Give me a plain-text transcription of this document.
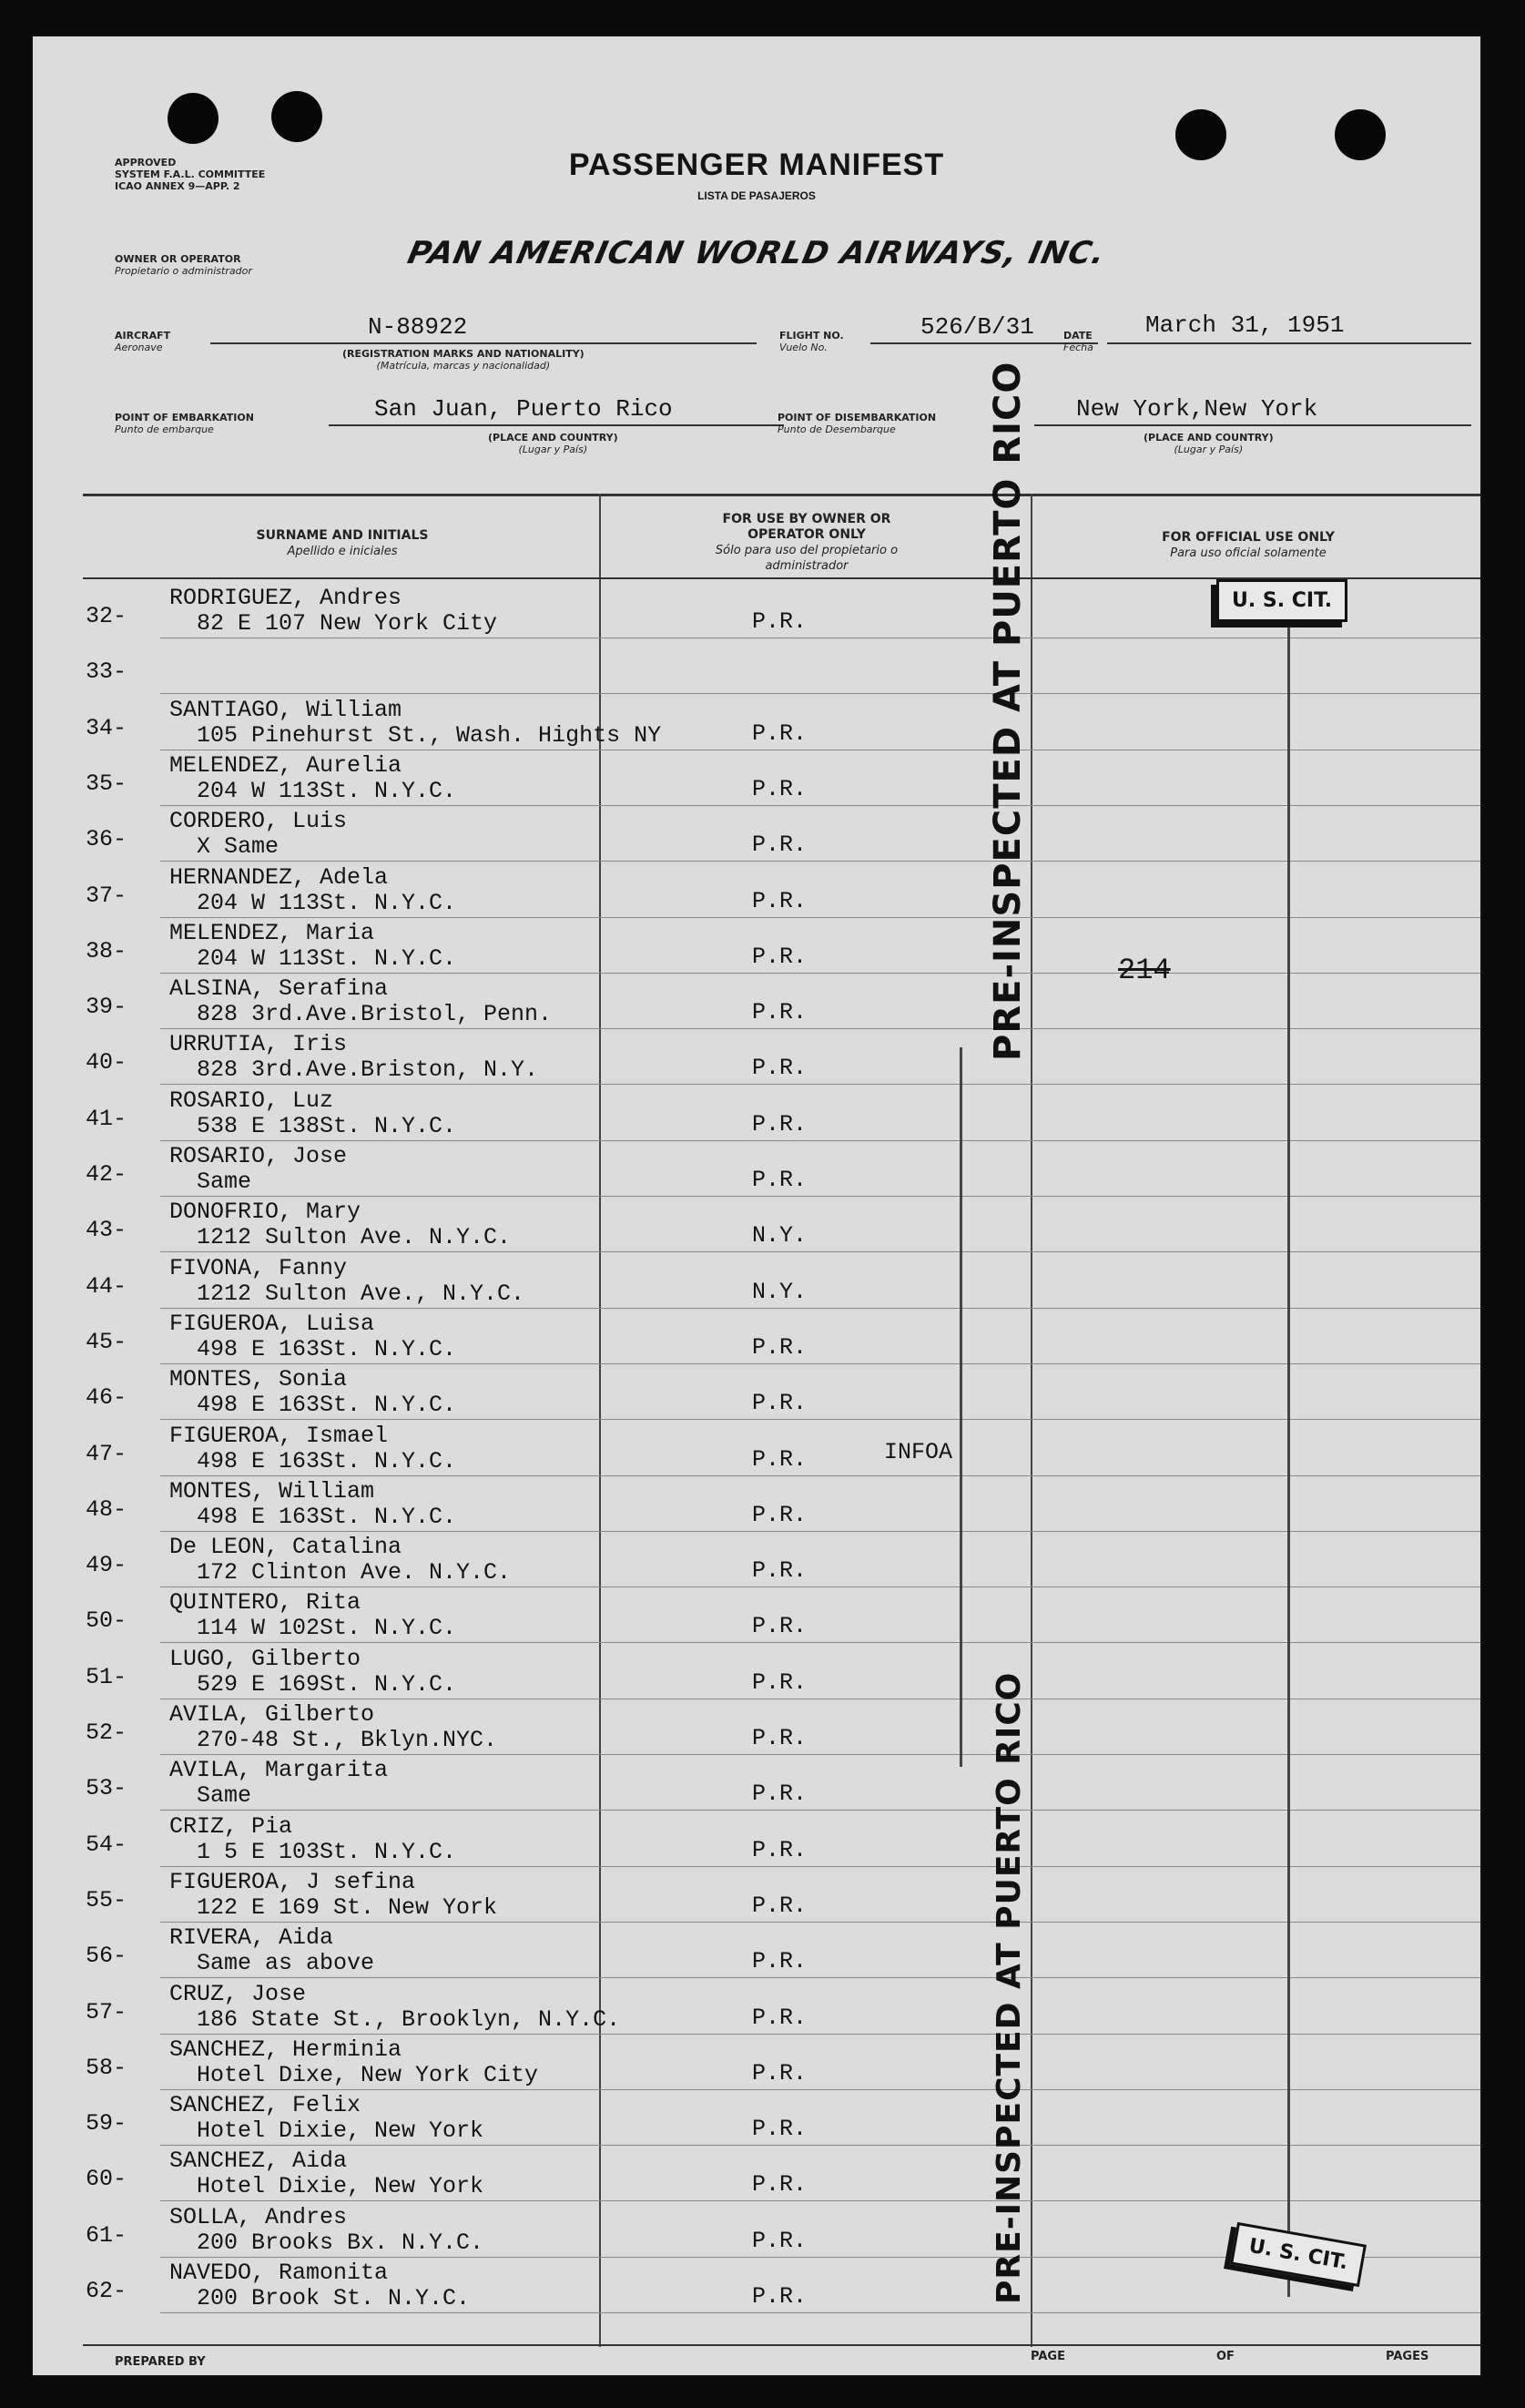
APPROVED
SYSTEM F.A.L. COMMITTEE
ICAO ANNEX 9—APP. 2
PASSENGER MANIFEST
LISTA DE PASAJEROS
OWNER OR OPERATOR
Propietario o administrador	PAN AMERICAN WORLD AIRWAYS, INC.
AIRCRAFT
Aeronave
N-88922
(REGISTRATION MARKS AND NATIONALITY)
(Matrícula, marcas y nacionalidad)
FLIGHT NO.
Vuelo No.
526/B/31	DATE
Fecha
March 31, 1951
POINT OF EMBARKATION
Punto de embarque
San Juan, Puerto Rico
(PLACE AND COUNTRY)
(Lugar y País)
POINT OF DISEMBARKATION
Punto de Desembarque
New York,New York
(PLACE AND COUNTRY)
(Lugar y País)
SURNAME AND INITIALS
Apellido e iniciales
FOR USE BY OWNER OR OPERATOR ONLY
Sólo para uso del propietario o administrador
FOR OFFICIAL USE ONLY
Para uso oficial solamente
32-
RODRIGUEZ, Andres
82 E 107 New York City	P.R.
33-
34-
SANTIAGO, William
105 Pinehurst St., Wash. Hights NY	P.R.
35-
MELENDEZ, Aurelia
204 W 113St. N.Y.C.	P.R.
36-
CORDERO, Luis
X Same	P.R.
37-
HERNANDEZ, Adela
204 W 113St. N.Y.C.	P.R.
38-
MELENDEZ, Maria
204 W 113St. N.Y.C.	P.R.
39-
ALSINA, Serafina
828 3rd.Ave.Bristol, Penn.	P.R.
40-
URRUTIA, Iris
828 3rd.Ave.Briston, N.Y.	P.R.
41-
ROSARIO, Luz
538 E 138St. N.Y.C.	P.R.
42-
ROSARIO, Jose
Same	P.R.
43-
DONOFRIO, Mary
1212 Sulton Ave. N.Y.C.	N.Y.
44-
FIVONA, Fanny
1212 Sulton Ave., N.Y.C.	N.Y.
45-
FIGUEROA, Luisa
498 E 163St. N.Y.C.	P.R.
46-
MONTES, Sonia
498 E 163St. N.Y.C.	P.R.
47-
FIGUEROA, Ismael
498 E 163St. N.Y.C.	P.R.	INFOA
48-
MONTES, William
498 E 163St. N.Y.C.	P.R.
49-
De LEON, Catalina
172 Clinton Ave. N.Y.C.	P.R.
50-
QUINTERO, Rita
114 W 102St. N.Y.C.	P.R.
51-
LUGO, Gilberto
529 E 169St. N.Y.C.	P.R.
52-
AVILA, Gilberto
270-48 St., Bklyn.NYC.	P.R.
53-
AVILA, Margarita
Same	P.R.
54-
CRIZ, Pia
1 5 E 103St. N.Y.C.	P.R.
55-
FIGUEROA, J sefina
122 E 169 St. New York	P.R.
56-
RIVERA, Aida
Same as above	P.R.
57-
CRUZ, Jose
186 State St., Brooklyn, N.Y.C.	P.R.
58-
SANCHEZ, Herminia
Hotel Dixe, New York City	P.R.
59-
SANCHEZ, Felix
Hotel Dixie, New York	P.R.
60-
SANCHEZ, Aida
Hotel Dixie, New York	P.R.
61-
SOLLA, Andres
200 Brooks Bx. N.Y.C.	P.R.
62-
NAVEDO, Ramonita
200 Brook St. N.Y.C.	P.R.
PRE-INSPECTED AT PUERTO RICO
PRE-INSPECTED AT PUERTO RICO
U. S. CIT.
U. S. CIT.
214
PREPARED BY	PAGE	OF	PAGES
